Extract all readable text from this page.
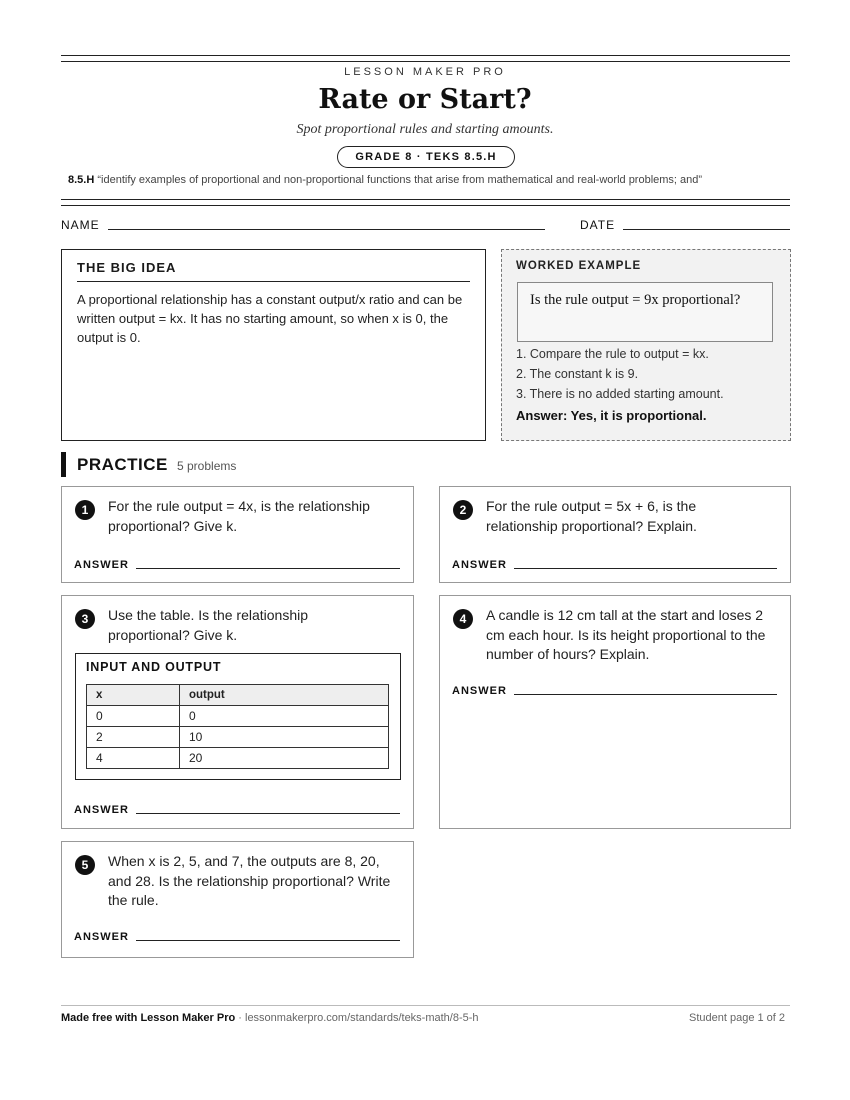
LESSON MAKER PRO
Rate or Start?
Spot proportional rules and starting amounts.
GRADE 8 · TEKS 8.5.H
8.5.H “identify examples of proportional and non-proportional functions that arise from mathematical and real-world problems; and”
NAME	DATE
THE BIG IDEA

A proportional relationship has a constant output/x ratio and can be written output = kx. It has no starting amount, so when x is 0, the output is 0.

WORKED EXAMPLE
Is the rule output = 9x proportional?
1. Compare the rule to output = kx.
2. The constant k is 9.
3. There is no added starting amount.
Answer: Yes, it is proportional.
PRACTICE 5 problems
1	For the rule output = 4x, is the relationship proportional? Give k.
ANSWER
2	For the rule output = 5x + 6, is the relationship proportional? Explain.
ANSWER
3	Use the table. Is the relationship proportional? Give k.
INPUT AND OUTPUT
x	output
0	0
2	10
4	20
ANSWER
4	A candle is 12 cm tall at the start and loses 2 cm each hour. Is its height proportional to the number of hours? Explain.
ANSWER
5	When x is 2, 5, and 7, the outputs are 8, 20, and 28. Is the relationship proportional? Write the rule.
ANSWER
Made free with Lesson Maker Pro · lessonmakerpro.com/standards/teks-math/8-5-h	Student page 1 of 2
